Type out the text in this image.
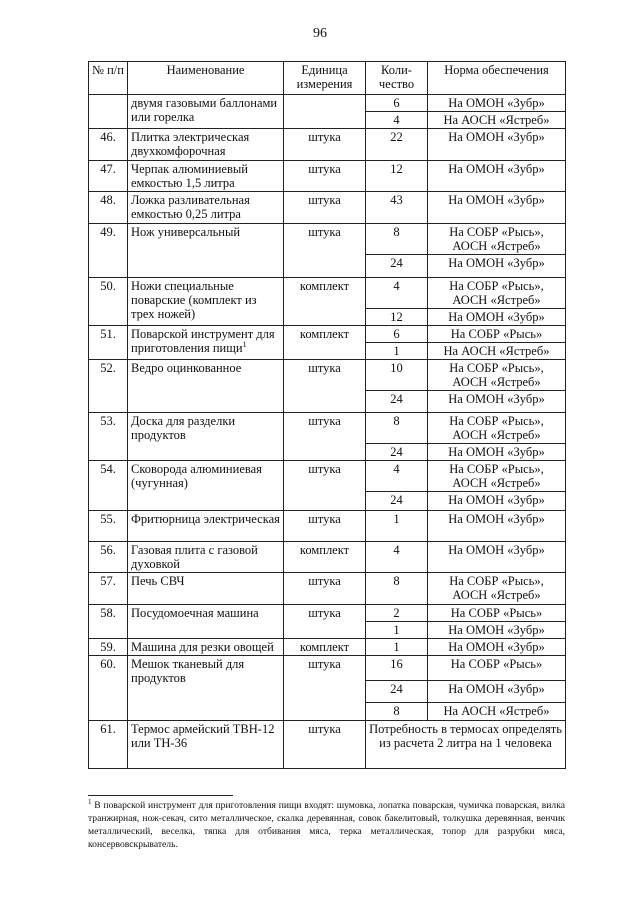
96
№ п/п	Наименование	Единица измерения	Коли- чество	Норма обеспечения
	двумя газовыми баллонами или горелка		6	На ОМОН «Зубр»
			4	На АОСН «Ястреб»
46.	Плитка электрическая двухкомфорочная	штука	22	На ОМОН «Зубр»
47.	Черпак алюминиевый емкостью 1,5 литра	штука	12	На ОМОН «Зубр»
48.	Ложка разливательная емкостью 0,25 литра	штука	43	На ОМОН «Зубр»
49.	Нож универсальный	штука	8	На СОБР «Рысь», АОСН «Ястреб»
			24	На ОМОН «Зубр»
50.	Ножи специальные поварские (комплект из трех ножей)	комплект	4	На СОБР «Рысь», АОСН «Ястреб»
			12	На ОМОН «Зубр»
51.	Поварской инструмент для приготовления пищи$^1$	комплект	6	На СОБР «Рысь»
			1	На АОСН «Ястреб»
52.	Ведро оцинкованное	штука	10	На СОБР «Рысь», АОСН «Ястреб»
			24	На ОМОН «Зубр»
53.	Доска для разделки продуктов	штука	8	На СОБР «Рысь», АОСН «Ястреб»
			24	На ОМОН «Зубр»
54.	Сковорода алюминиевая (чугунная)	штука	4	На СОБР «Рысь», АОСН «Ястреб»
			24	На ОМОН «Зубр»
55.	Фритюрница электрическая	штука	1	На ОМОН «Зубр»
56.	Газовая плита с газовой духовкой	комплект	4	На ОМОН «Зубр»
57.	Печь СВЧ	штука	8	На СОБР «Рысь», АОСН «Ястреб»
58.	Посудомоечная машина	штука	2	На СОБР «Рысь»
			1	На ОМОН «Зубр»
59.	Машина для резки овощей	комплект	1	На ОМОН «Зубр»
60.	Мешок тканевый для продуктов	штука	16	На СОБР «Рысь»
			24	На ОМОН «Зубр»
			8	На АОСН «Ястреб»
61.	Термос армейский ТВН-12 или ТН-36	штука	Потребность в термосах определять из расчета 2 литра на 1 человека	
$^1$ В поварской инструмент для приготовления пищи входят: шумовка, лопатка поварская, чумичка поварская, вилка транжирная, нож-секач, сито металлическое, скалка деревянная, совок бакелитовый, толкушка деревянная, венчик металлический, веселка, тяпка для отбивания мяса, терка металлическая, топор для разрубки мяса, консервовскрыватель.
